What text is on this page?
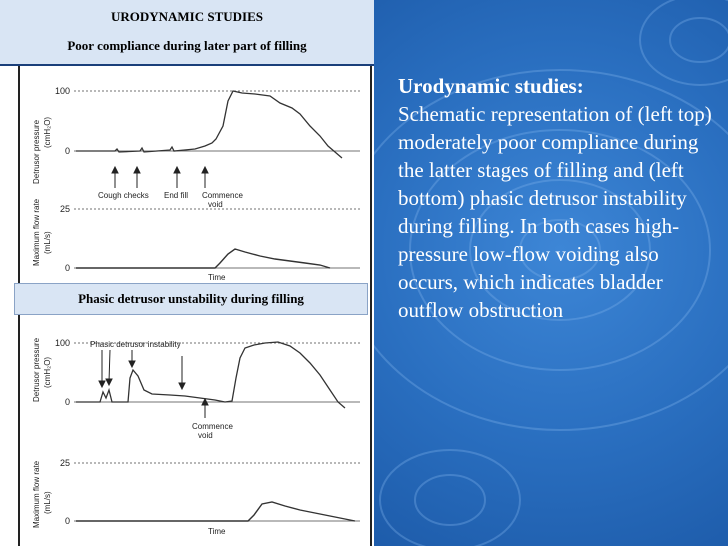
URODYNAMIC STUDIES
Poor compliance during later part of filling
Detrusor pressure (cmH₂O)
Maximum flow rate (mL/s)
100
0
25
0
Cough checks End fill Commence
void
Time
Phasic detrusor unstability during filling
Detrusor pressure (cmH₂O)
Maximum flow rate (mL/s)
100
0
25
0
Phasic detrusor instability
Commence
void
Time
Urodynamic studies:
Schematic representation of (left top) moderately poor compliance during the latter stages of filling and (left bottom) phasic detrusor instability during filling. In both cases high-pressure low-flow voiding also occurs, which indicates bladder outflow obstruction
